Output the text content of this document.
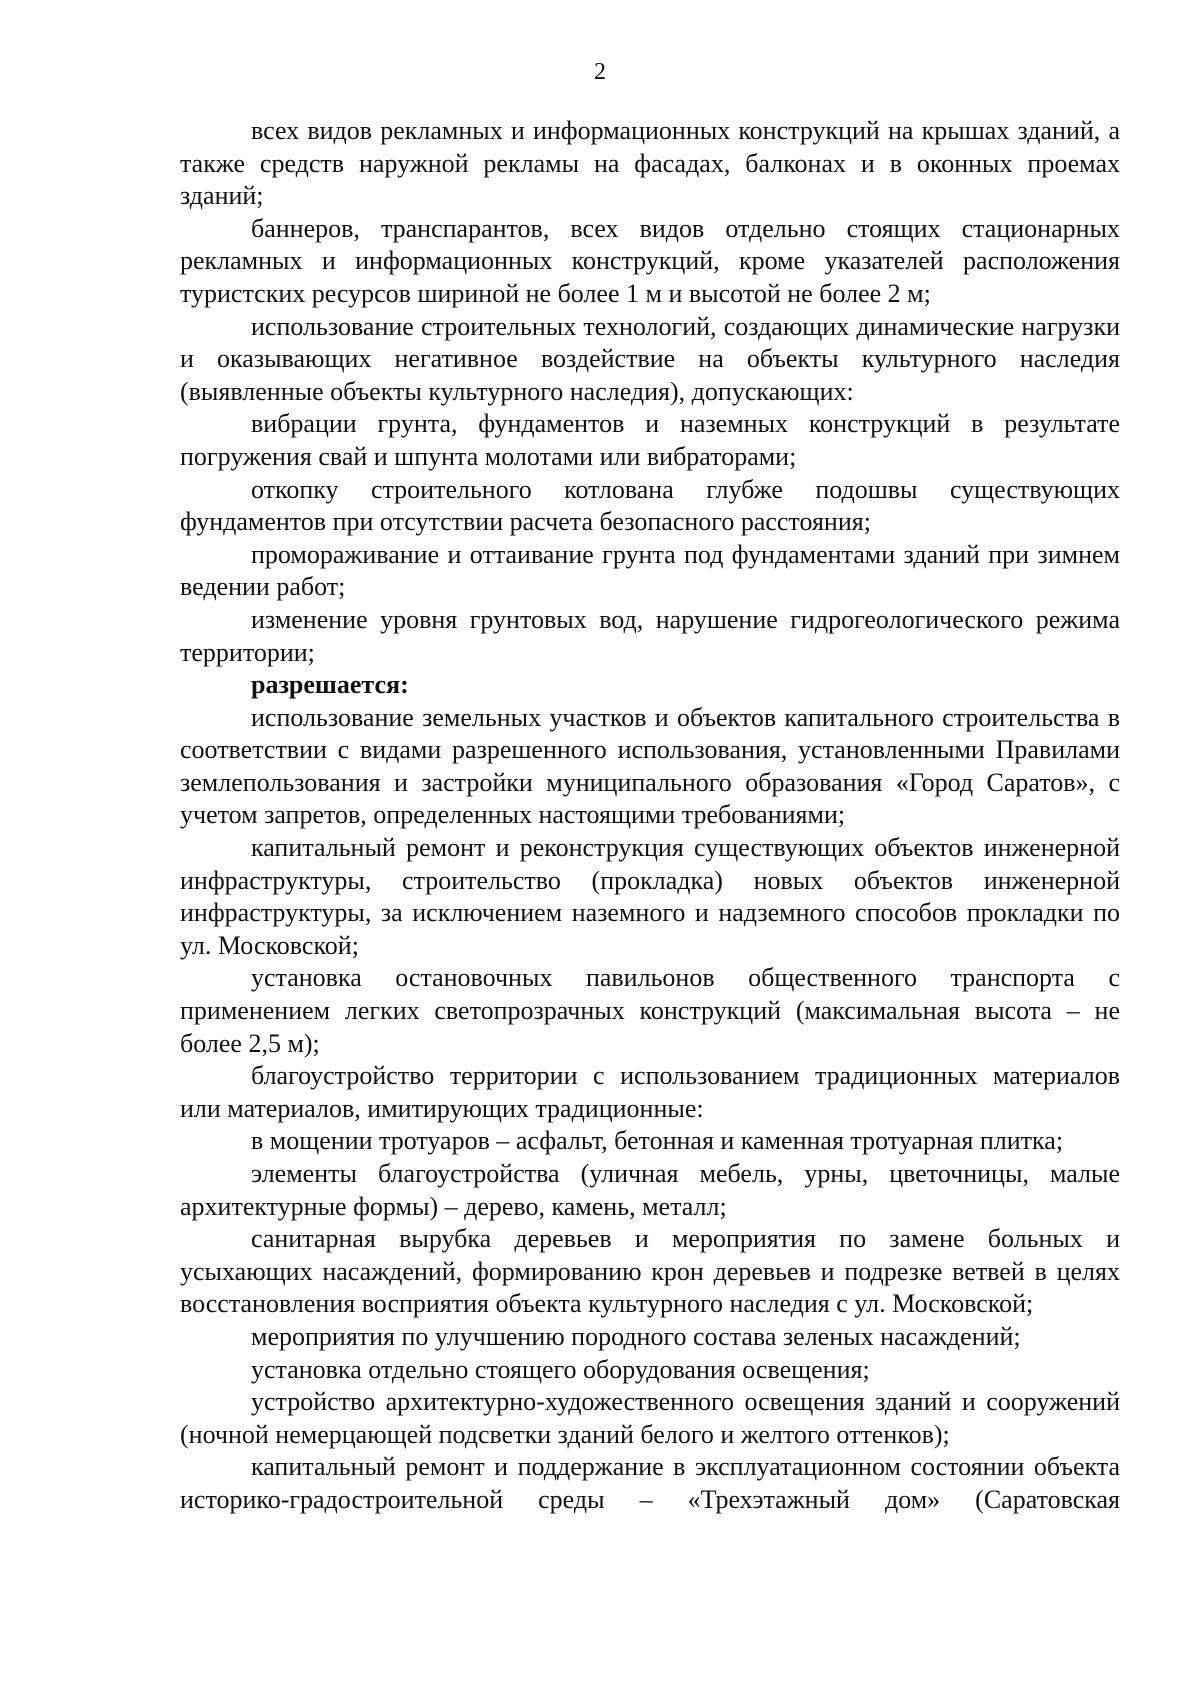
2

всех видов рекламных и информационных конструкций на крышах зданий, а также средств наружной рекламы на фасадах, балконах и в оконных проемах зданий;

баннеров, транспарантов, всех видов отдельно стоящих стационарных рекламных и информационных конструкций, кроме указателей расположения туристских ресурсов шириной не более 1 м и высотой не более 2 м;

использование строительных технологий, создающих динамические нагрузки и оказывающих негативное воздействие на объекты культурного наследия (выявленные объекты культурного наследия), допускающих:

вибрации грунта, фундаментов и наземных конструкций в результате погружения свай и шпунта молотами или вибраторами;

откопку строительного котлована глубже подошвы существующих фундаментов при отсутствии расчета безопасного расстояния;

промораживание и оттаивание грунта под фундаментами зданий при зимнем ведении работ;

изменение уровня грунтовых вод, нарушение гидрогеологического режима территории;

разрешается:

использование земельных участков и объектов капитального строительства в соответствии с видами разрешенного использования, установленными Правилами землепользования и застройки муниципального образования «Город Саратов», с учетом запретов, определенных настоящими требованиями;

капитальный ремонт и реконструкция существующих объектов инженерной инфраструктуры, строительство (прокладка) новых объектов инженерной инфраструктуры, за исключением наземного и надземного способов прокладки по ул. Московской;

установка остановочных павильонов общественного транспорта с применением легких светопрозрачных конструкций (максимальная высота – не более 2,5 м);

благоустройство территории с использованием традиционных материалов или материалов, имитирующих традиционные:

в мощении тротуаров – асфальт, бетонная и каменная тротуарная плитка;

элементы благоустройства (уличная мебель, урны, цветочницы, малые архитектурные формы) – дерево, камень, металл;

санитарная вырубка деревьев и мероприятия по замене больных и усыхающих насаждений, формированию крон деревьев и подрезке ветвей в целях восстановления восприятия объекта культурного наследия с ул. Московской;

мероприятия по улучшению породного состава зеленых насаждений;

установка отдельно стоящего оборудования освещения;

устройство архитектурно-художественного освещения зданий и сооружений (ночной немерцающей подсветки зданий белого и желтого оттенков);

капитальный ремонт и поддержание в эксплуатационном состоянии объекта историко-градостроительной среды – «Трехэтажный дом» (Саратовская
